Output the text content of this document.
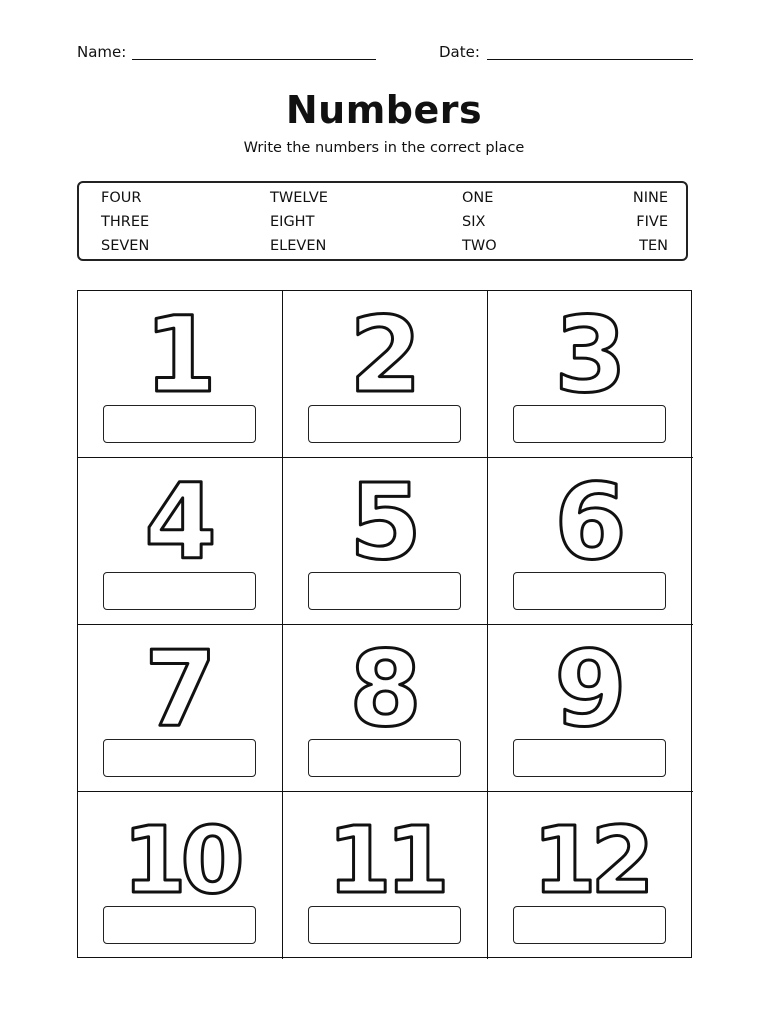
Name:	Date:
Numbers
Write the numbers in the correct place
FOUR	TWELVE	ONE	NINE
THREE	EIGHT	SIX	FIVE
SEVEN	ELEVEN	TWO	TEN
1 2 3
4 5 6
7 8 9
10 11 12
